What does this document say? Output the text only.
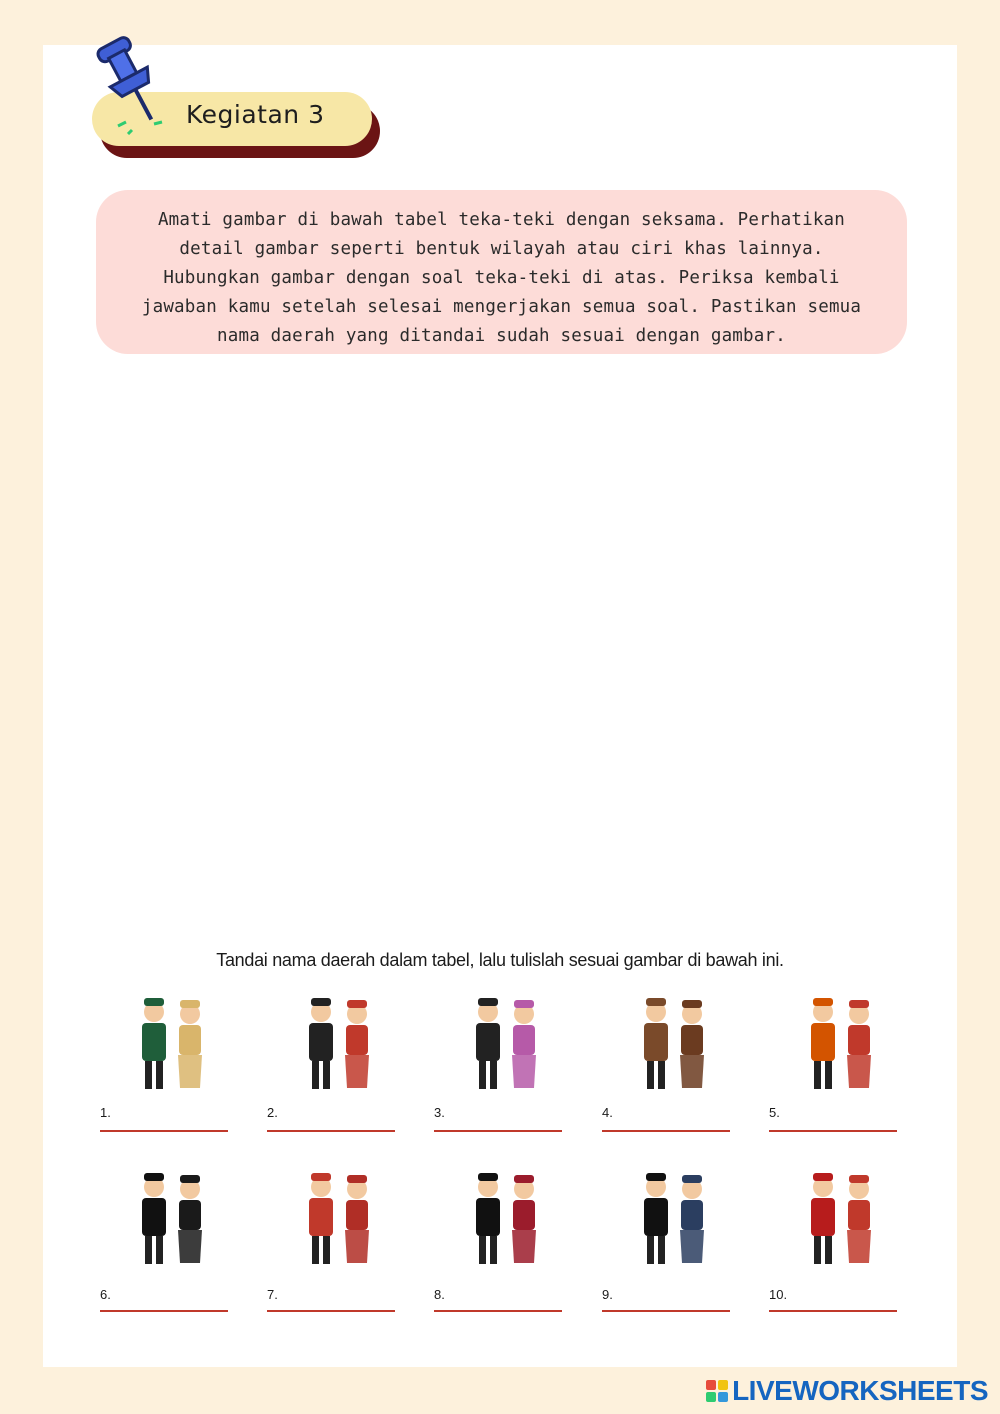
Kegiatan 3
Amati gambar di bawah tabel teka-teki dengan seksama. Perhatikan detail gambar seperti bentuk wilayah atau ciri khas lainnya. Hubungkan gambar dengan soal teka-teki di atas. Periksa kembali jawaban kamu setelah selesai mengerjakan semua soal. Pastikan semua nama daerah yang ditandai sudah sesuai dengan gambar.
Tandai nama daerah dalam tabel, lalu tulislah sesuai gambar di bawah ini.
1.	2.	3.	4.	5.
6.	7.	8.	9.	10.
LIVEWORKSHEETS
